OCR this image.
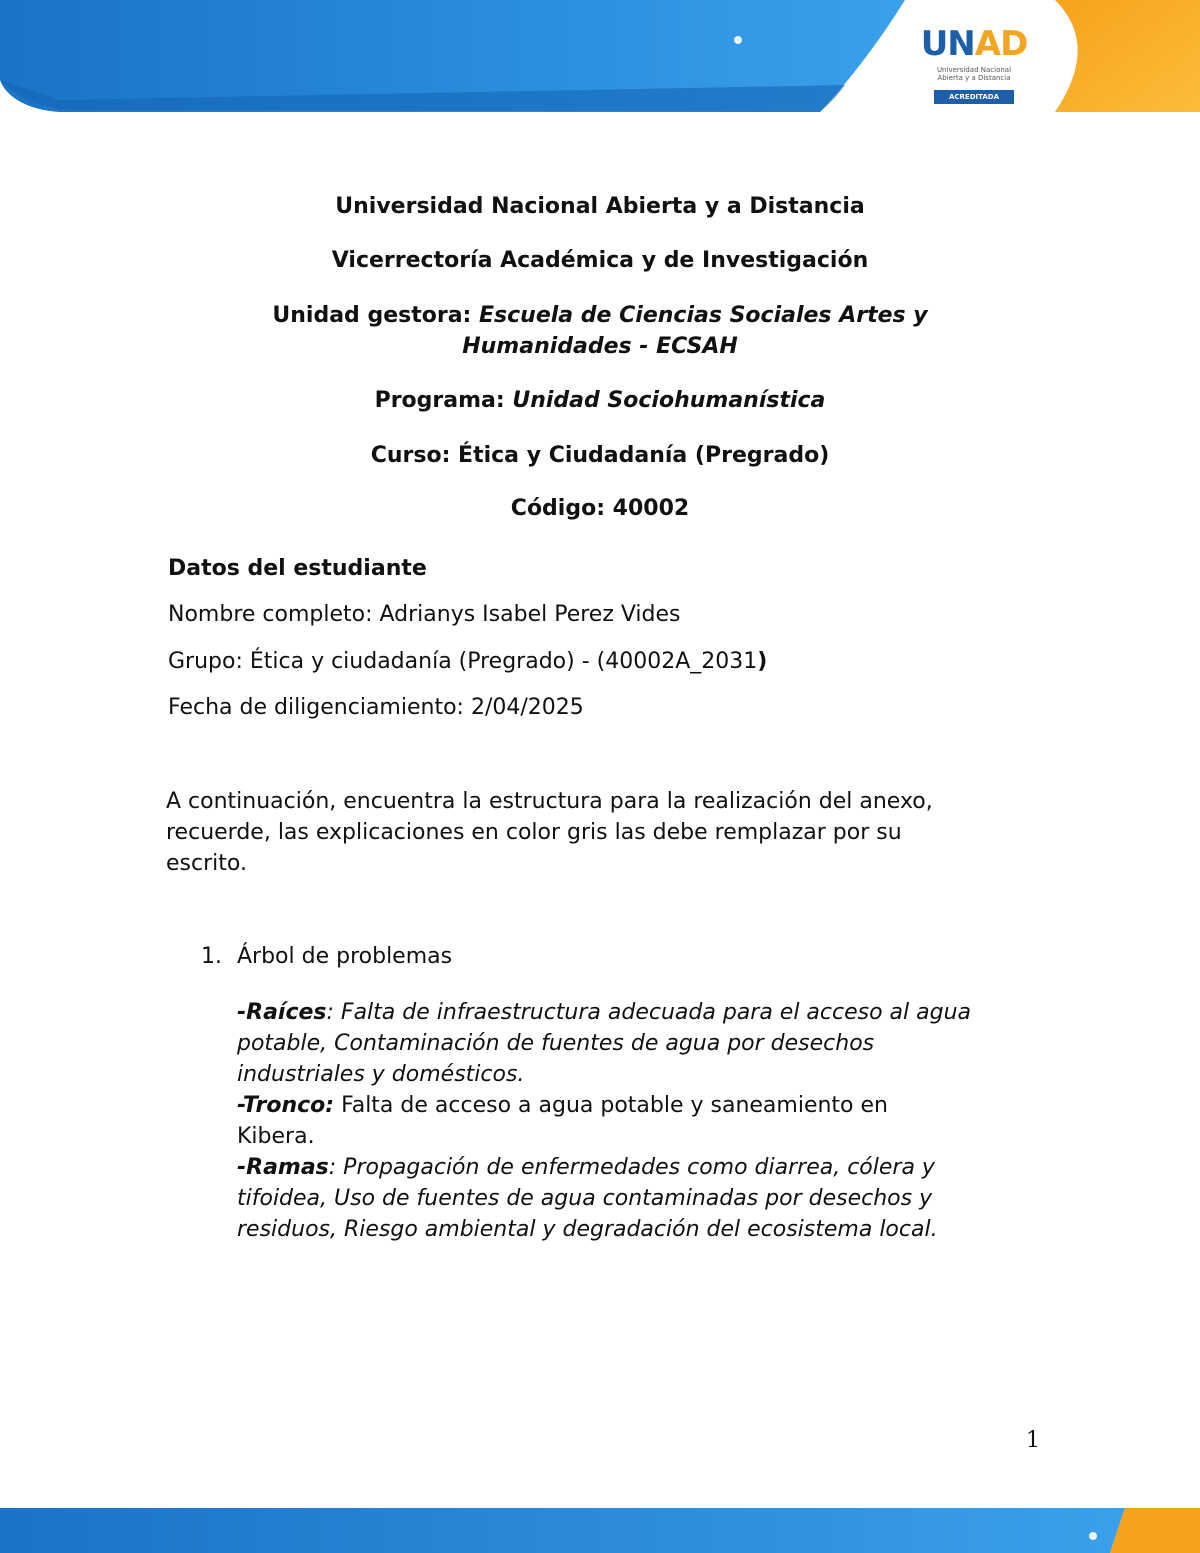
UNAD
Universidad Nacional Abierta y a Distancia
ACREDITADA
Universidad Nacional Abierta y a Distancia
Vicerrectoría Académica y de Investigación
Unidad gestora: Escuela de Ciencias Sociales Artes y
Humanidades - ECSAH
Programa: Unidad Sociohumanística
Curso: Ética y Ciudadanía (Pregrado)
Código: 40002
Datos del estudiante
Nombre completo: Adrianys Isabel Perez Vides
Grupo: Ética y ciudadanía (Pregrado) - (40002A_2031)
Fecha de diligenciamiento: 2/04/2025
A continuación, encuentra la estructura para la realización del anexo,
recuerde, las explicaciones en color gris las debe remplazar por su
escrito.
1. Árbol de problemas
-Raíces: Falta de infraestructura adecuada para el acceso al agua
potable, Contaminación de fuentes de agua por desechos
industriales y domésticos.
-Tronco: Falta de acceso a agua potable y saneamiento en
Kibera.
-Ramas: Propagación de enfermedades como diarrea, cólera y
tifoidea, Uso de fuentes de agua contaminadas por desechos y
residuos, Riesgo ambiental y degradación del ecosistema local.
1
